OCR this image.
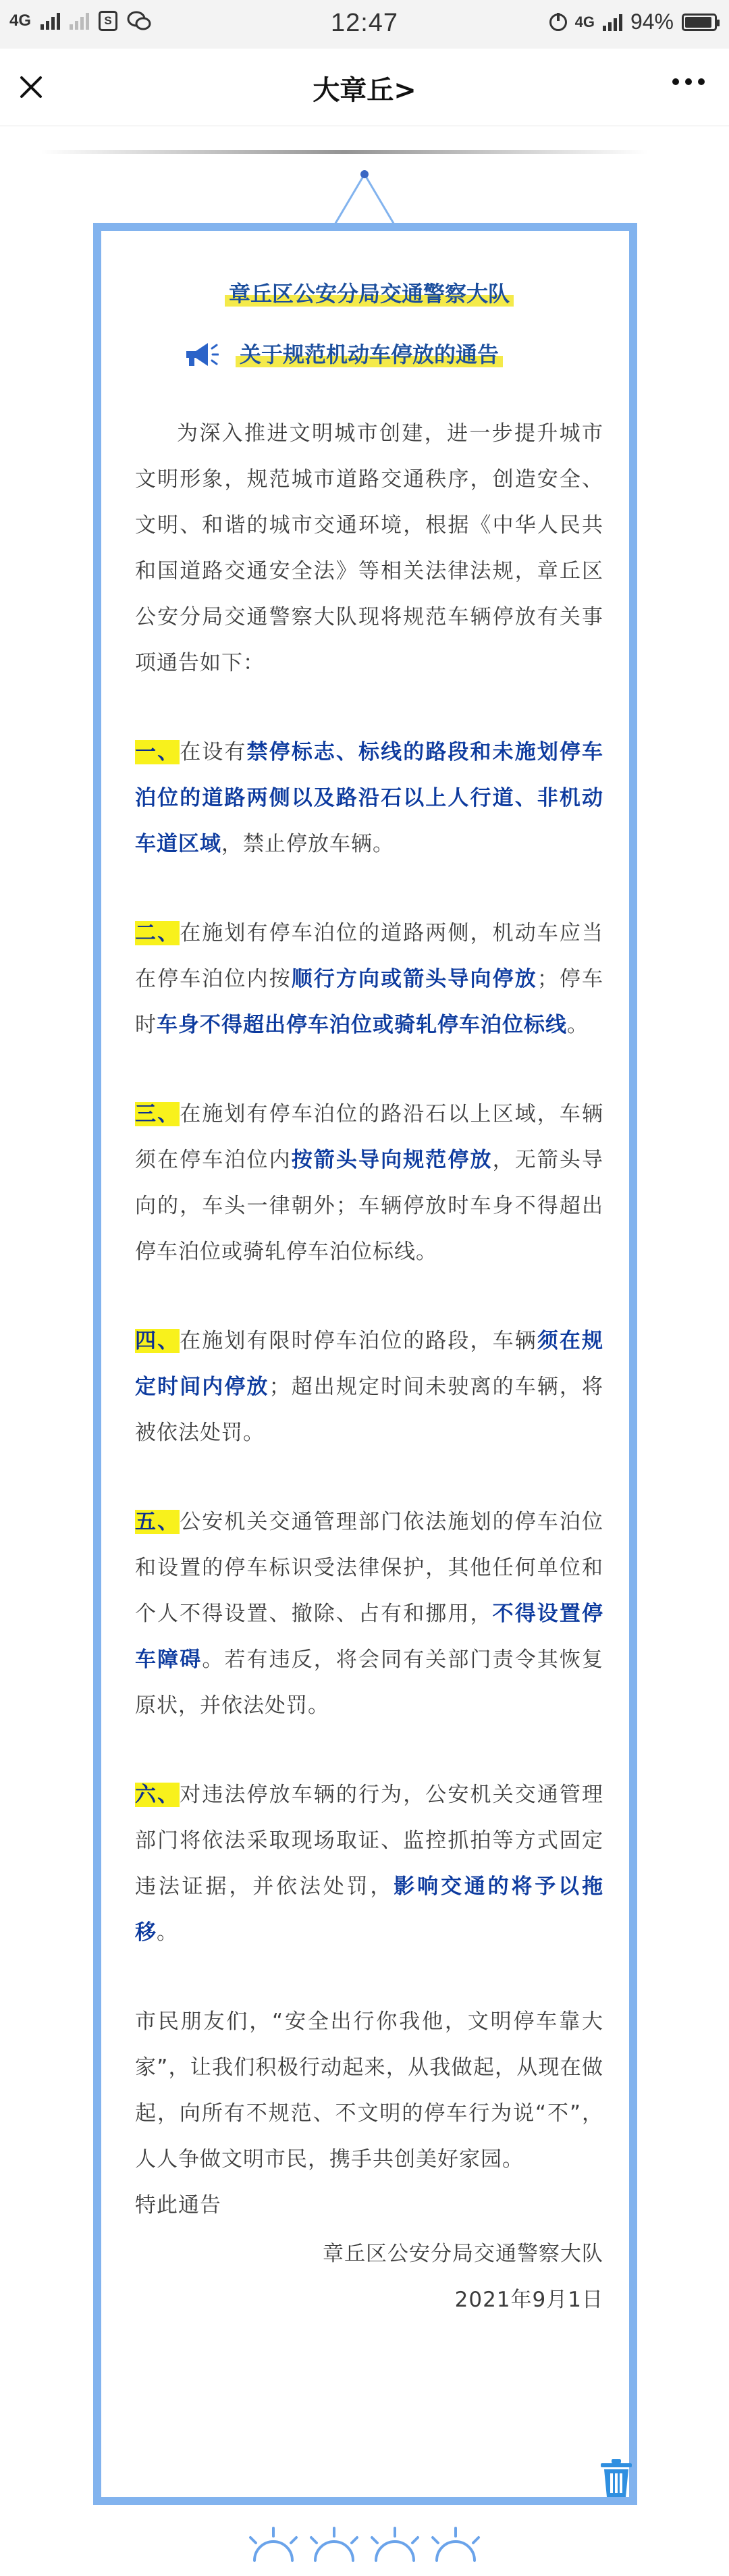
4G	S	12:47	4G 94%
大章丘>
章丘区公安分局交通警察大队
关于规范机动车停放的通告

为深入推进文明城市创建，进一步提升城市文明形象，规范城市道路交通秩序，创造安全、文明、和谐的城市交通环境，根据《中华人民共和国道路交通安全法》等相关法律法规，章丘区公安分局交通警察大队现将规范车辆停放有关事项通告如下：

一、在设有禁停标志、标线的路段和未施划停车泊位的道路两侧以及路沿石以上人行道、非机动车道区域，禁止停放车辆。

二、在施划有停车泊位的道路两侧，机动车应当在停车泊位内按顺行方向或箭头导向停放；停车时车身不得超出停车泊位或骑轧停车泊位标线。

三、在施划有停车泊位的路沿石以上区域，车辆须在停车泊位内按箭头导向规范停放，无箭头导向的，车头一律朝外；车辆停放时车身不得超出停车泊位或骑轧停车泊位标线。

四、在施划有限时停车泊位的路段，车辆须在规定时间内停放；超出规定时间未驶离的车辆，将被依法处罚。

五、公安机关交通管理部门依法施划的停车泊位和设置的停车标识受法律保护，其他任何单位和个人不得设置、撤除、占有和挪用，不得设置停车障碍。若有违反，将会同有关部门责令其恢复原状，并依法处罚。

六、对违法停放车辆的行为，公安机关交通管理部门将依法采取现场取证、监控抓拍等方式固定违法证据，并依法处罚，影响交通的将予以拖移。

市民朋友们，“安全出行你我他，文明停车靠大家”，让我们积极行动起来，从我做起，从现在做起，向所有不规范、不文明的停车行为说“不”，人人争做文明市民，携手共创美好家园。

特此通告

章丘区公安分局交通警察大队

2021年9月1日
